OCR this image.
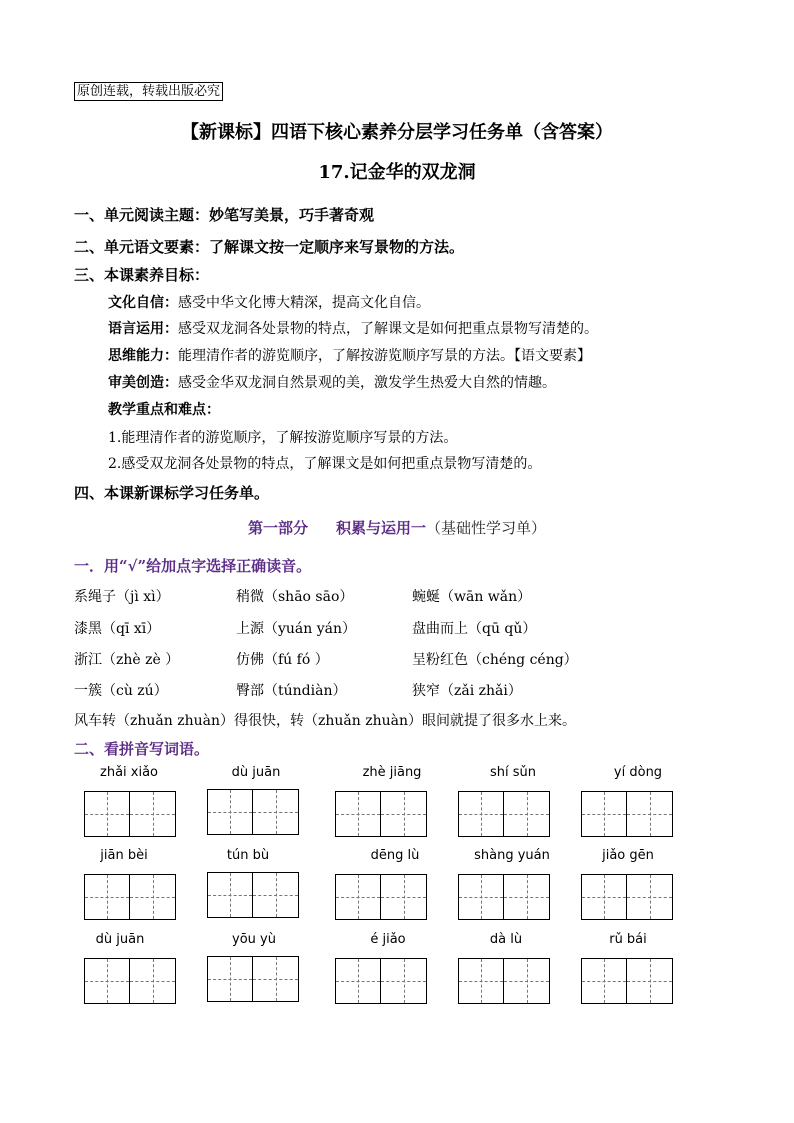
原创连载，转载出版必究
【新课标】四语下核心素养分层学习任务单（含答案）
17.记金华的双龙洞
一、单元阅读主题：妙笔写美景，巧手著奇观
二、单元语文要素：了解课文按一定顺序来写景物的方法。
三、本课素养目标：
文化自信：感受中华文化博大精深，提高文化自信。
语言运用：感受双龙洞各处景物的特点，了解课文是如何把重点景物写清楚的。
思维能力：能理清作者的游览顺序，了解按游览顺序写景的方法。【语文要素】
审美创造：感受金华双龙洞自然景观的美，激发学生热爱大自然的情趣。
教学重点和难点：
1.能理清作者的游览顺序，了解按游览顺序写景的方法。
2.感受双龙洞各处景物的特点，了解课文是如何把重点景物写清楚的。
四、本课新课标学习任务单。
第一部分 积累与运用一（基础性学习单）
一．用“√”给加点字选择正确读音。
系绳子（jì xì）	稍微（shāo sāo）	蜿蜒（wān wǎn）
漆黑（qī xī）	上源（yuán yán）	盘曲而上（qū qǔ）
浙江（zhè zè ）	仿佛（fú fó ）	呈粉红色（chéng céng）
一簇（cù zú）	臀部（túndiàn）	狭窄（zǎi zhǎi）
风车转（zhuǎn zhuàn）得很快，转（zhuǎn zhuàn）眼间就提了很多水上来。
二、看拼音写词语。
zhǎi xiǎo	dù juān	zhè jiāng	shí sǔn	yí dòng
jiān bèi	tún bù	dēng lù	shàng yuán	jiǎo gēn
dù juān	yōu yù	é jiǎo	dà lù	rǔ bái
